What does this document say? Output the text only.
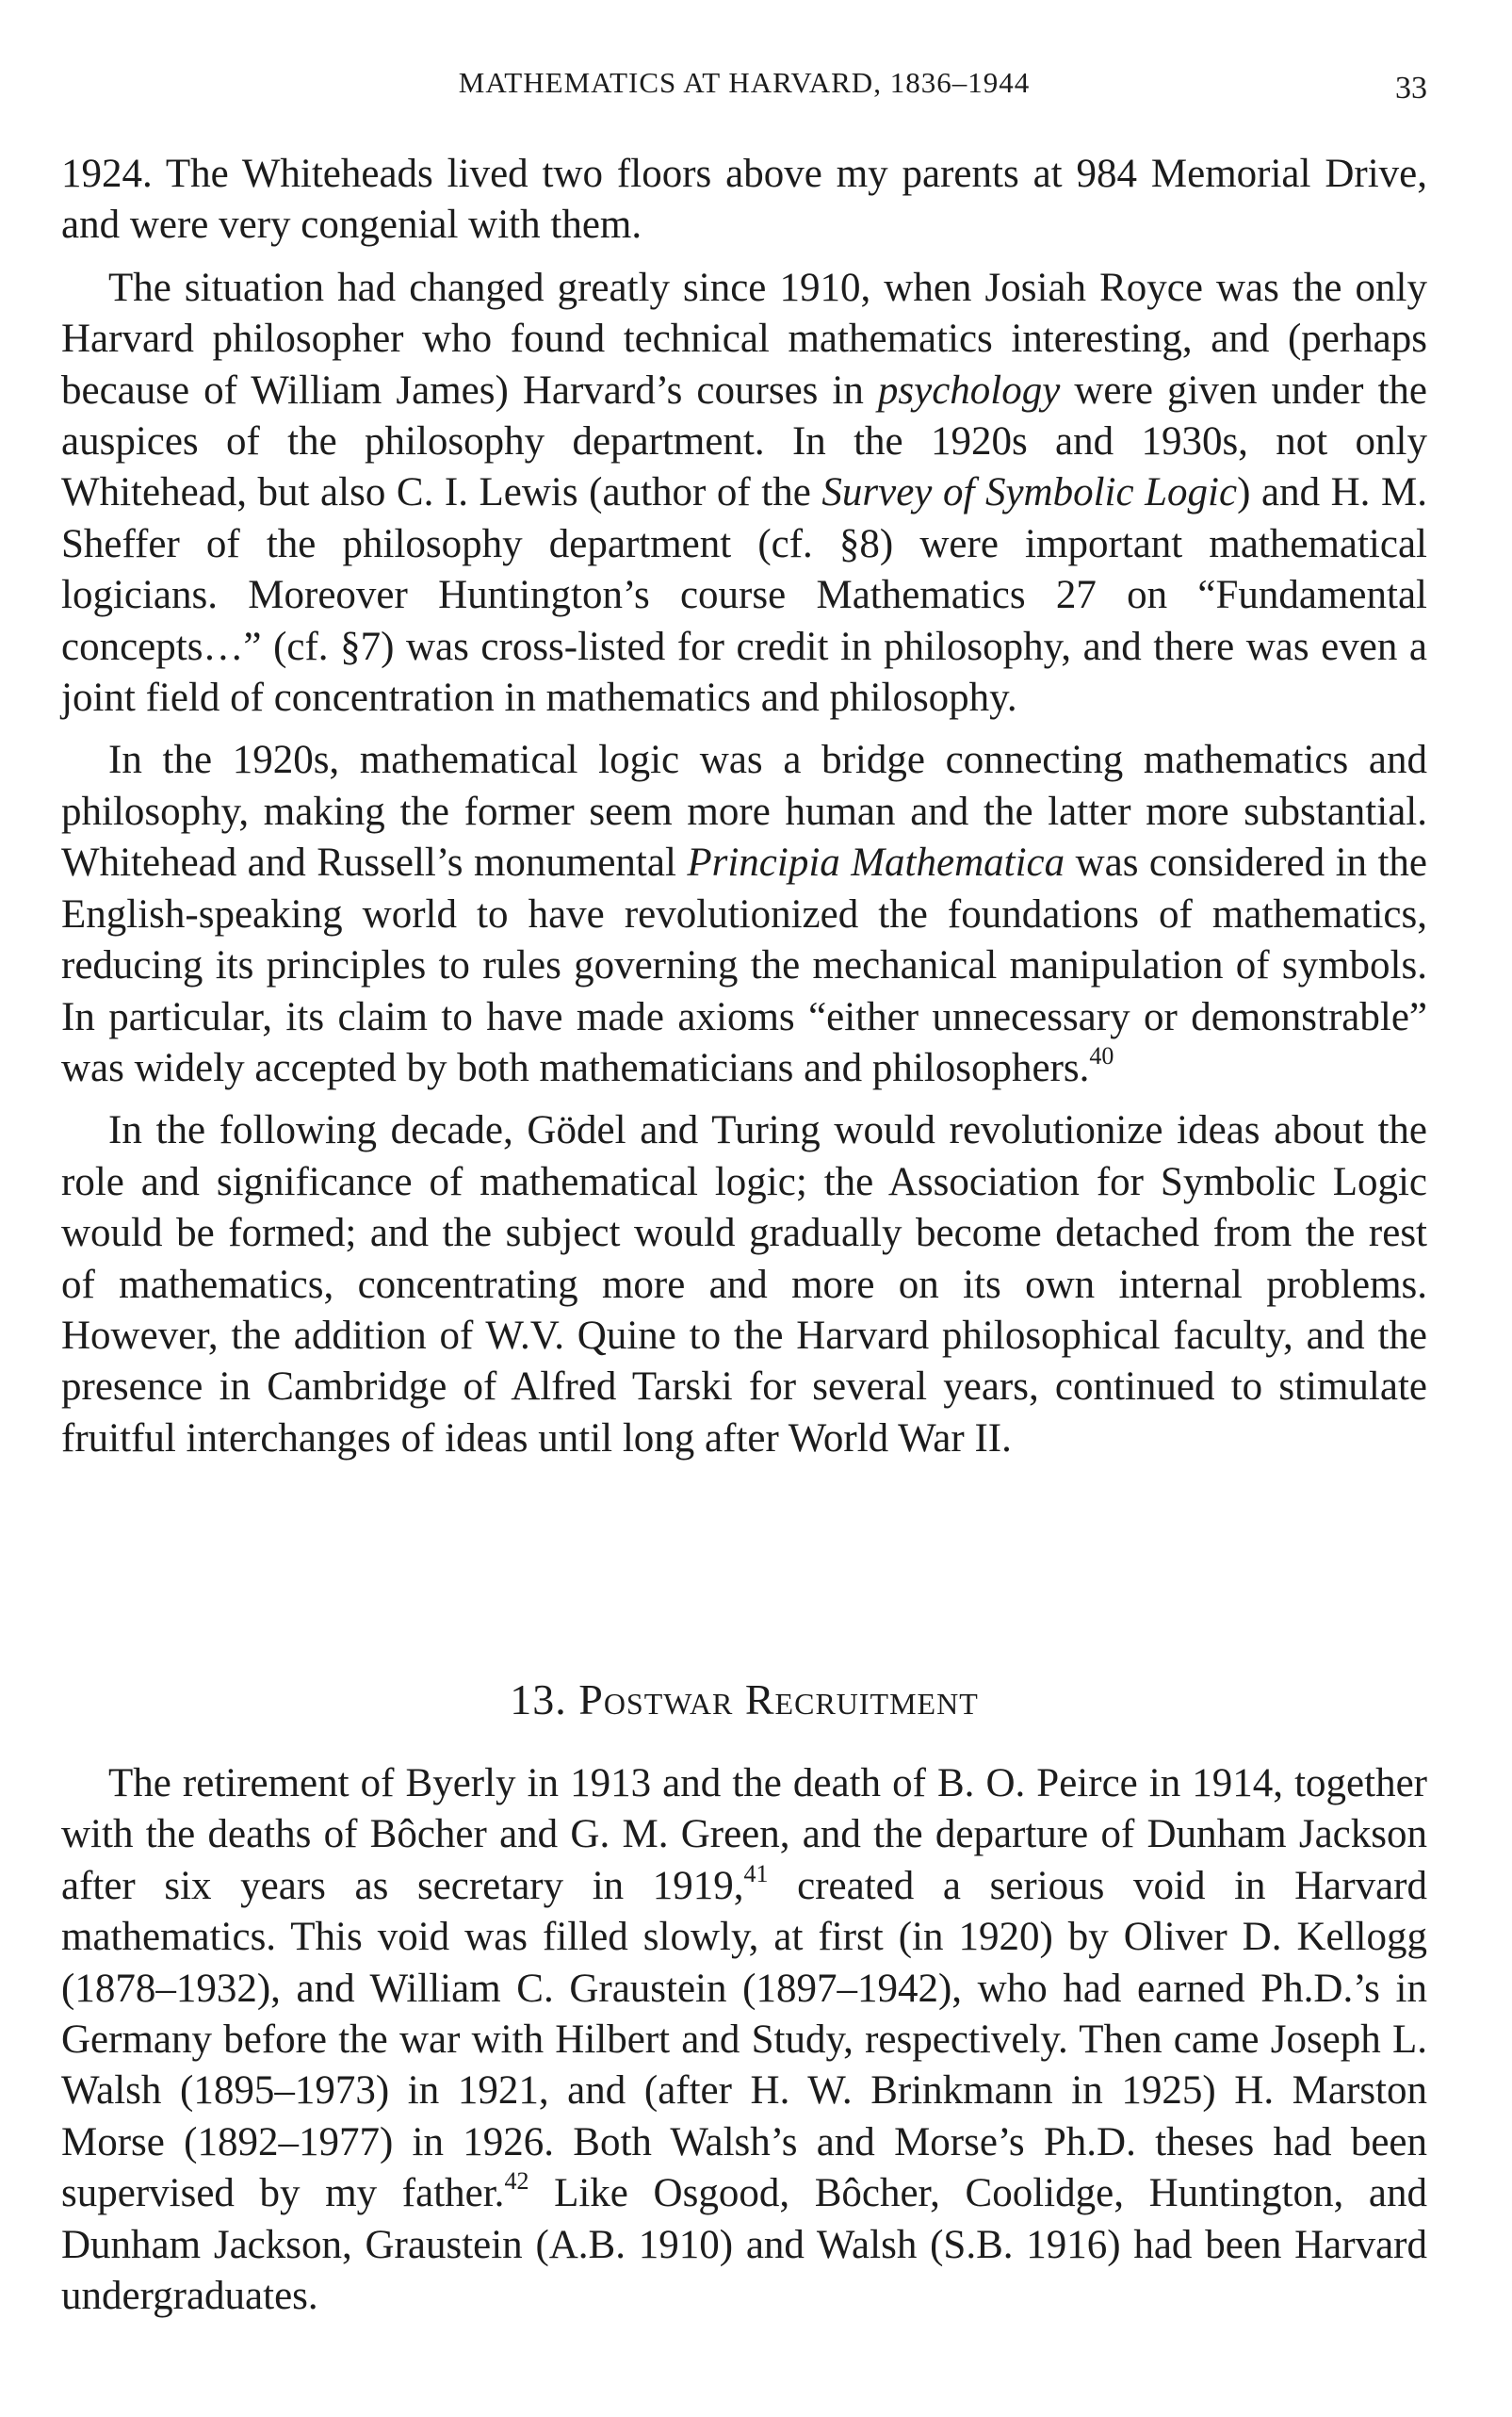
MATHEMATICS AT HARVARD, 1836–1944	33

1924. The Whiteheads lived two floors above my parents at 984 Memorial Drive, and were very congenial with them.

The situation had changed greatly since 1910, when Josiah Royce was the only Harvard philosopher who found technical mathematics interesting, and (perhaps because of William James) Harvard’s courses in psychology were given under the auspices of the philosophy department. In the 1920s and 1930s, not only Whitehead, but also C. I. Lewis (author of the Survey of Symbolic Logic) and H. M. Sheffer of the philosophy department (cf. §8) were important mathematical logicians. Moreover Huntington’s course Mathematics 27 on “Fundamental concepts…” (cf. §7) was cross-listed for credit in philosophy, and there was even a joint field of concentration in mathematics and philosophy.

In the 1920s, mathematical logic was a bridge connecting mathematics and philosophy, making the former seem more human and the latter more substantial. Whitehead and Russell’s monumental Principia Mathematica was considered in the English-speaking world to have revolutionized the foundations of mathematics, reducing its principles to rules governing the mechanical manipulation of symbols. In particular, its claim to have made axioms “either unnecessary or demonstrable” was widely accepted by both mathematicians and philosophers.$^{40}$

In the following decade, Gödel and Turing would revolutionize ideas about the role and significance of mathematical logic; the Association for Symbolic Logic would be formed; and the subject would gradually become detached from the rest of mathematics, concentrating more and more on its own internal problems. However, the addition of W.V. Quine to the Harvard philosophical faculty, and the presence in Cambridge of Alfred Tarski for several years, continued to stimulate fruitful interchanges of ideas until long after World War II.

13. Postwar Recruitment

The retirement of Byerly in 1913 and the death of B. O. Peirce in 1914, together with the deaths of Bôcher and G. M. Green, and the departure of Dunham Jackson after six years as secretary in 1919,41 created a serious void in Harvard mathematics. This void was filled slowly, at first (in 1920) by Oliver D. Kellogg (1878–1932), and William C. Graustein (1897–1942), who had earned Ph.D.’s in Germany before the war with Hilbert and Study, respectively. Then came Joseph L. Walsh (1895–1973) in 1921, and (after H. W. Brinkmann in 1925) H. Marston Morse (1892–1977) in 1926. Both Walsh’s and Morse’s Ph.D. theses had been supervised by my father.$^{42}$ Like Osgood, Bôcher, Coolidge, Huntington, and Dunham Jackson, Graustein (A.B. 1910) and Walsh (S.B. 1916) had been Harvard undergraduates.
